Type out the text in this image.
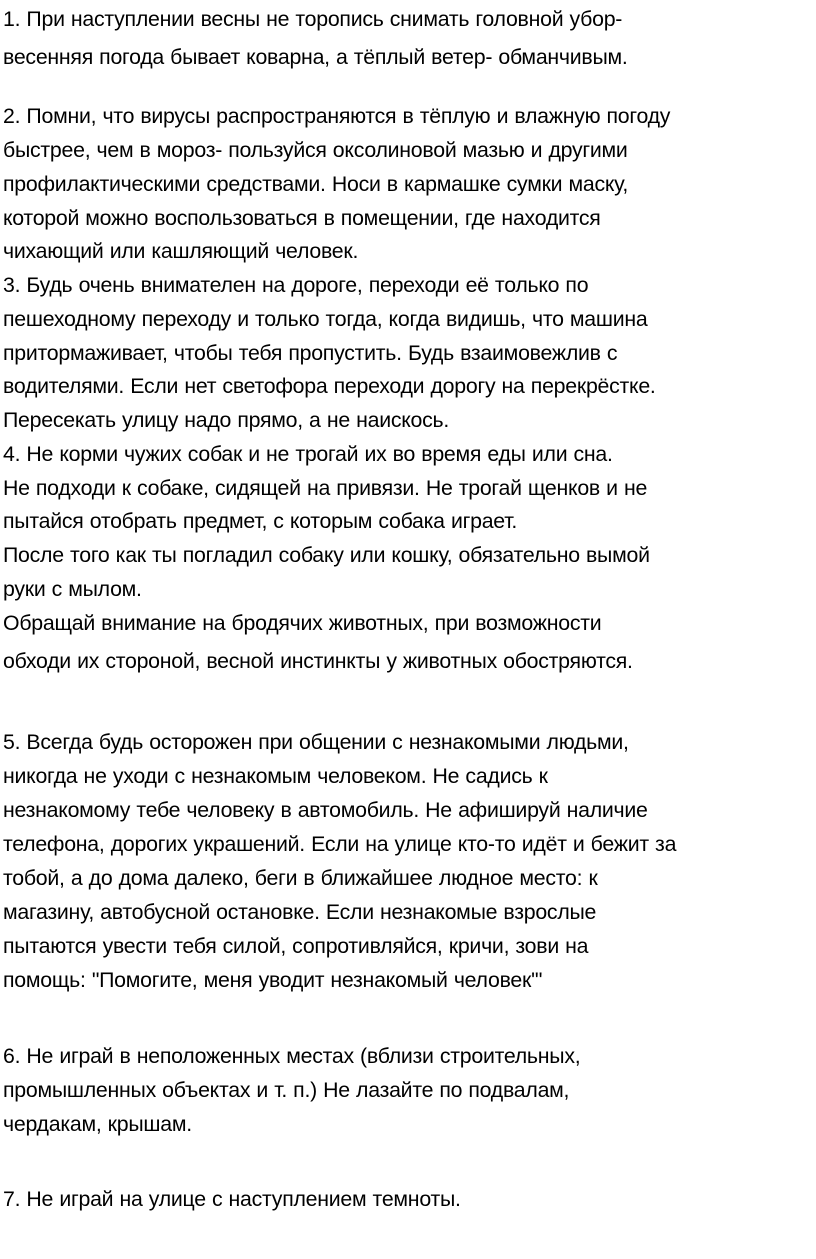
1. При наступлении весны не торопись снимать головной убор-
весенняя погода бывает коварна, а тёплый ветер- обманчивым.
2. Помни, что вирусы распространяются в тёплую и влажную погоду
быстрее, чем в мороз- пользуйся оксолиновой мазью и другими
профилактическими средствами. Носи в кармашке сумки маску,
которой можно воспользоваться в помещении, где находится
чихающий или кашляющий человек.
3. Будь очень внимателен на дороге, переходи её только по
пешеходному переходу и только тогда, когда видишь, что машина
притормаживает, чтобы тебя пропустить. Будь взаимовежлив с
водителями. Если нет светофора переходи дорогу на перекрёстке.
Пересекать улицу надо прямо, а не наискось.
4. Не корми чужих собак и не трогай их во время еды или сна.
Не подходи к собаке, сидящей на привязи. Не трогай щенков и не
пытайся отобрать предмет, с которым собака играет.
После того как ты погладил собаку или кошку, обязательно вымой
руки с мылом.
Обращай внимание на бродячих животных, при возможности
обходи их стороной, весной инстинкты у животных обостряются.
5. Всегда будь осторожен при общении с незнакомыми людьми,
никогда не уходи с незнакомым человеком. Не садись к
незнакомому тебе человеку в автомобиль. Не афишируй наличие
телефона, дорогих украшений. Если на улице кто-то идёт и бежит за
тобой, а до дома далеко, беги в ближайшее людное место: к
магазину, автобусной остановке. Если незнакомые взрослые
пытаются увести тебя силой, сопротивляйся, кричи, зови на
помощь: "Помогите, меня уводит незнакомый человек'"
6. Не играй в неположенных местах (вблизи строительных,
промышленных объектах и т. п.) Не лазайте по подвалам,
чердакам, крышам.
7. Не играй на улице с наступлением темноты.
